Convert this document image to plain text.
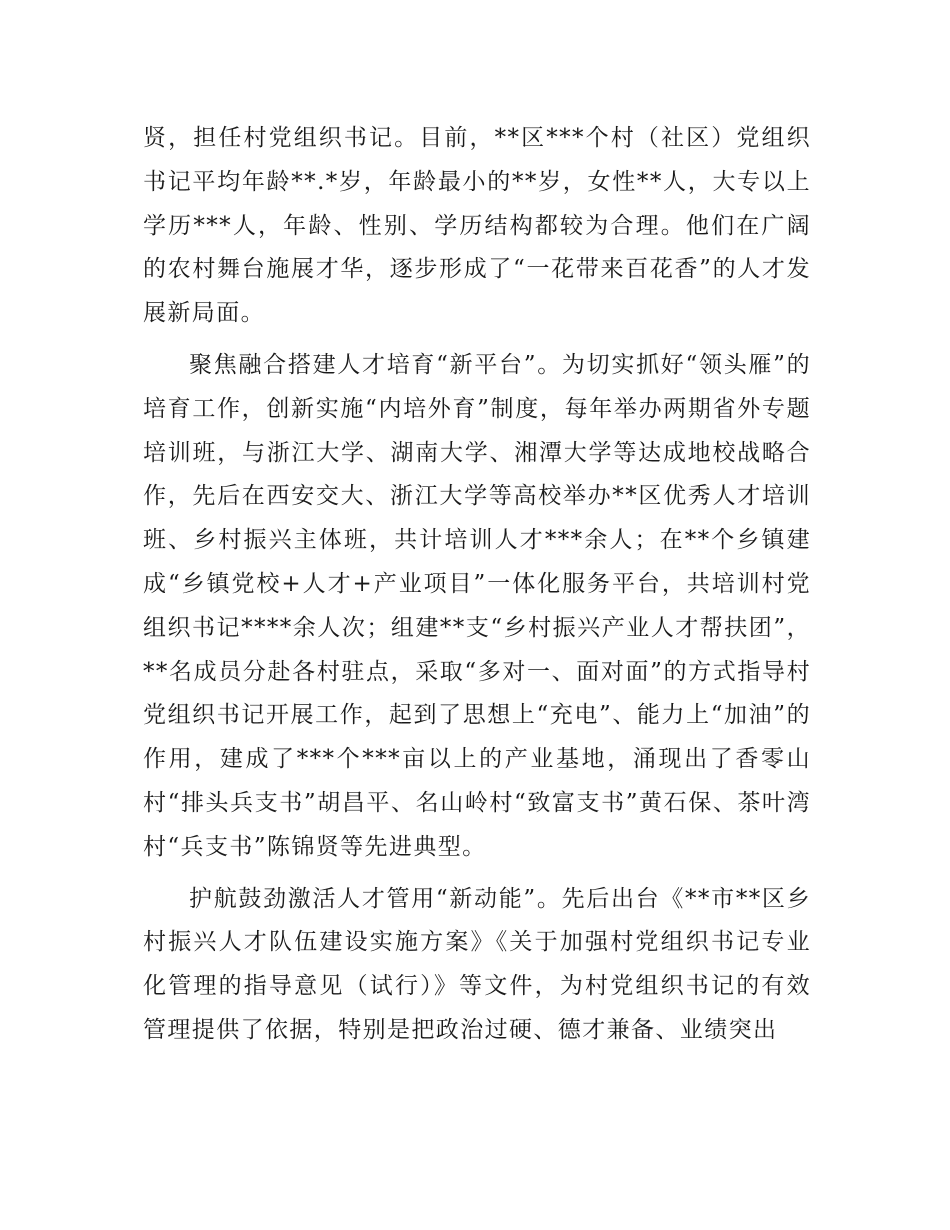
贤，担任村党组织书记。目前，**区***个村（社区）党组织书记平均年龄**.*岁，年龄最小的**岁，女性**人，大专以上学历***人，年龄、性别、学历结构都较为合理。他们在广阔的农村舞台施展才华，逐步形成了“一花带来百花香”的人才发展新局面。

聚焦融合搭建人才培育“新平台”。为切实抓好“领头雁”的培育工作，创新实施“内培外育”制度，每年举办两期省外专题培训班，与浙江大学、湖南大学、湘潭大学等达成地校战略合作，先后在西安交大、浙江大学等高校举办**区优秀人才培训班、乡村振兴主体班，共计培训人才***余人；在**个乡镇建成“乡镇党校+人才+产业项目”一体化服务平台，共培训村党组织书记****余人次；组建**支“乡村振兴产业人才帮扶团”，**名成员分赴各村驻点，采取“多对一、面对面”的方式指导村党组织书记开展工作，起到了思想上“充电”、能力上“加油”的作用，建成了***个***亩以上的产业基地，涌现出了香零山村“排头兵支书”胡昌平、名山岭村“致富支书”黄石保、茶叶湾村“兵支书”陈锦贤等先进典型。

护航鼓劲激活人才管用“新动能”。先后出台《**市**区乡村振兴人才队伍建设实施方案》《关于加强村党组织书记专业化管理的指导意见（试行）》等文件，为村党组织书记的有效管理提供了依据，特别是把政治过硬、德才兼备、业绩突出
